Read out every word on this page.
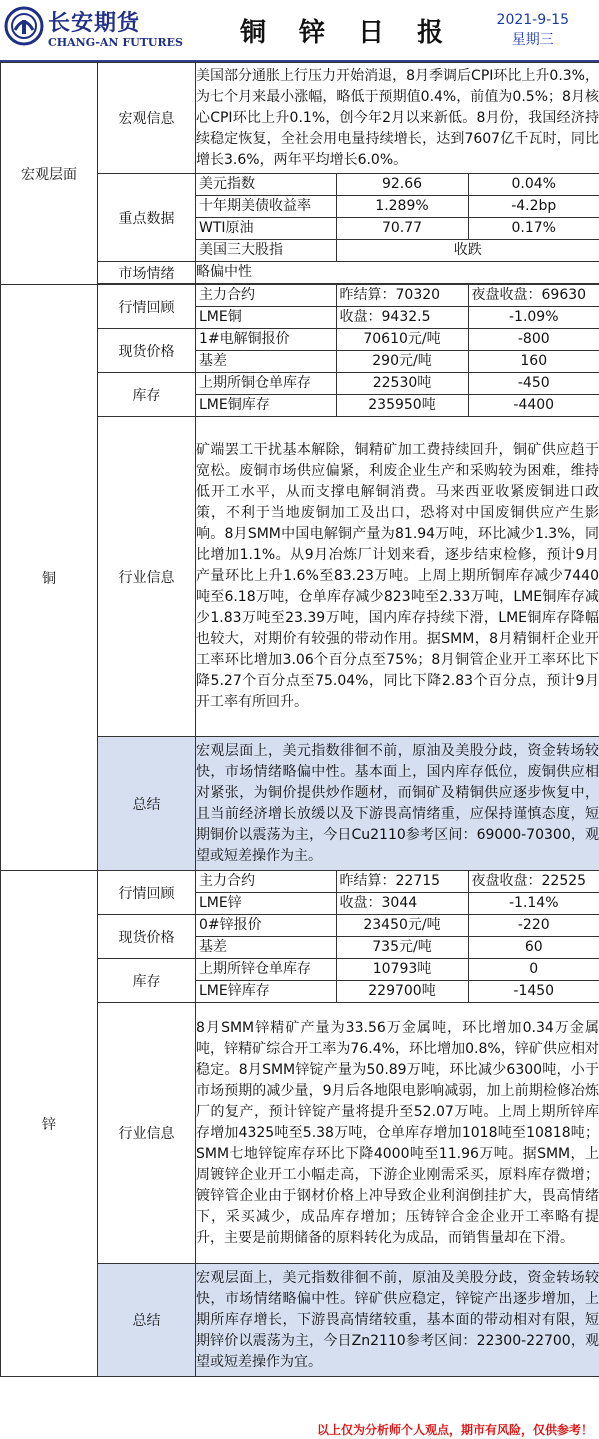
长安期货
CHANG-AN FUTURES 铜 锌 日 报	2021-9-15
星期三
宏观层面	宏观信息	美国部分通胀上行压力开始消退，8月季调后CPI环比上升0.3%，为七个月来最小涨幅，略低于预期值0.4%，前值为0.5%；8月核心CPI环比上升0.1%，创今年2月以来新低。8月份，我国经济持续稳定恢复，全社会用电量持续增长，达到7607亿千瓦时，同比增长3.6%，两年平均增长6.0%。
重点数据	
美元指数	92.66	0.04%
十年期美债收益率	1.289%	-4.2bp
WTI原油	70.77	0.17%
美国三大股指	收跌

市场情绪	略偏中性

铜	行情回顾	
主力合约	昨结算：70320	夜盘收盘：69630
LME铜	收盘：9432.5	-1.09%

现货价格	
1#电解铜报价	70610元/吨	-800
基差	290元/吨	160

库存	
上期所铜仓单库存	22530吨	-450
LME铜库存	235950吨	-4400

行业信息	矿端罢工干扰基本解除，铜精矿加工费持续回升，铜矿供应趋于宽松。废铜市场供应偏紧，利废企业生产和采购较为困难，维持低开工水平，从而支撑电解铜消费。马来西亚收紧废铜进口政策，不利于当地废铜加工及出口，恐将对中国废铜供应产生影响。8月SMM中国电解铜产量为81.94万吨，环比减少1.3%，同比增加1.1%。从9月冶炼厂计划来看，逐步结束检修，预计9月产量环比上升1.6%至83.23万吨。上周上期所铜库存减少7440吨至6.18万吨，仓单库存减少823吨至2.33万吨，LME铜库存减少1.83万吨至23.39万吨，国内库存持续下滑，LME铜库存降幅也较大，对期价有较强的带动作用。据SMM，8月精铜杆企业开工率环比增加3.06个百分点至75%；8月铜管企业开工率环比下降5.27个百分点至75.04%，同比下降2.83个百分点，预计9月开工率有所回升。
总结	宏观层面上，美元指数徘徊不前，原油及美股分歧，资金转场较快，市场情绪略偏中性。基本面上，国内库存低位，废铜供应相对紧张，为铜价提供炒作题材，而铜矿及精铜供应逐步恢复中，且当前经济增长放缓以及下游畏高情绪重，应保持谨慎态度，短期铜价以震荡为主，今日Cu2110参考区间：69000-70300，观望或短差操作为主。
锌	行情回顾	
主力合约	昨结算：22715	夜盘收盘：22525
LME锌	收盘：3044	-1.14%

现货价格	
0#锌报价	23450元/吨	-220
基差	735元/吨	60

库存	
上期所锌仓单库存	10793吨	0
LME锌库存	229700吨	-1450

行业信息	8月SMM锌精矿产量为33.56万金属吨，环比增加0.34万金属吨，锌精矿综合开工率为76.4%，环比增加0.8%，锌矿供应相对稳定。8月SMM锌锭产量为50.89万吨，环比减少6300吨，小于市场预期的减少量，9月后各地限电影响减弱，加上前期检修冶炼厂的复产，预计锌锭产量将提升至52.07万吨。上周上期所锌库存增加4325吨至5.38万吨，仓单库存增加1018吨至10818吨；SMM七地锌锭库存环比下降4000吨至11.96万吨。据SMM，上周镀锌企业开工小幅走高，下游企业刚需采买，原料库存微增；镀锌管企业由于钢材价格上冲导致企业利润倒挂扩大，畏高情绪下，采买减少，成品库存增加；压铸锌合金企业开工率略有提升，主要是前期储备的原料转化为成品，而销售量却在下滑。
总结	宏观层面上，美元指数徘徊不前，原油及美股分歧，资金转场较快，市场情绪略偏中性。锌矿供应稳定，锌锭产出逐步增加，上期所库存增长，下游畏高情绪较重，基本面的带动相对有限，短期锌价以震荡为主，今日Zn2110参考区间：22300-22700，观望或短差操作为宜。
以上仅为分析师个人观点，期市有风险，仅供参考！
